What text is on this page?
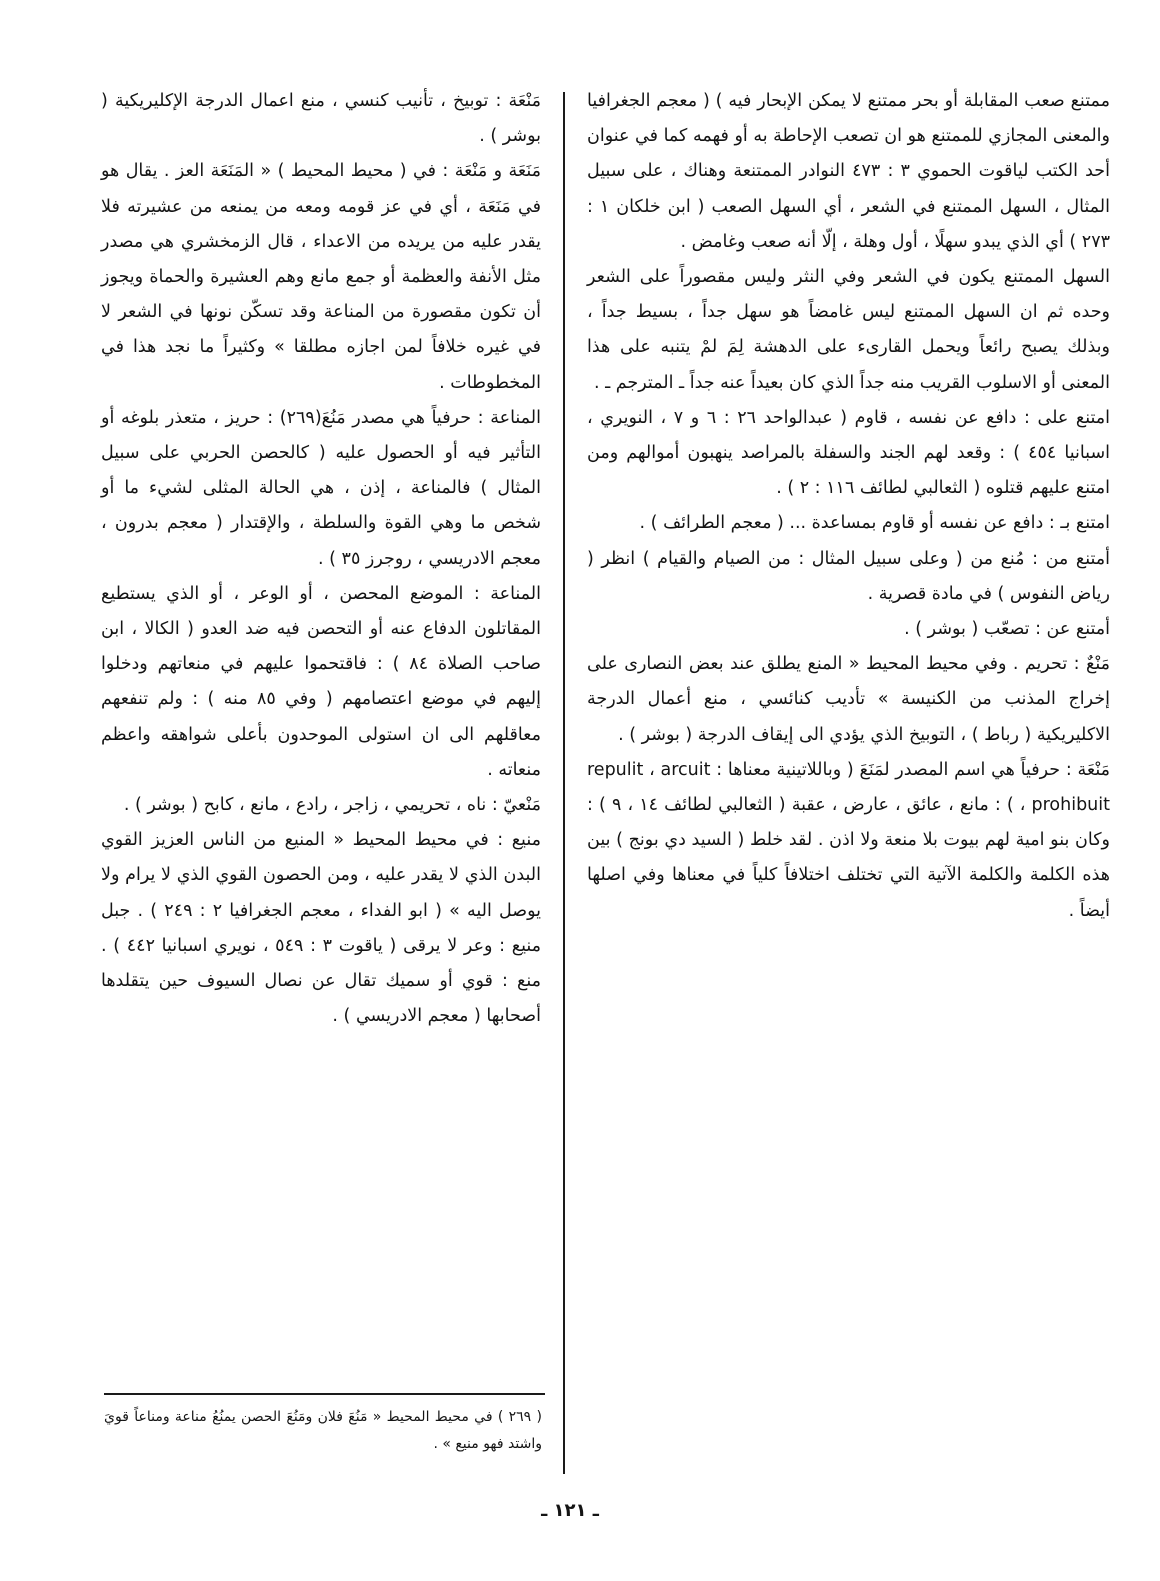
ممتنع صعب المقابلة أو بحر ممتنع لا يمكن الإبحار فيه ) ( معجم الجغرافيا والمعنى المجازي للممتنع هو ان تصعب الإحاطة به أو فهمه كما في عنوان أحد الكتب لياقوت الحموي ٣ : ٤٧٣ النوادر الممتنعة وهناك ، على سبيل المثال ، السهل الممتنع في الشعر ، أي السهل الصعب ( ابن خلكان ١ : ٢٧٣ ) أي الذي يبدو سهلًا ، أول وهلة ، إلّا أنه صعب وغامض .

السهل الممتنع يكون في الشعر وفي النثر وليس مقصوراً على الشعر وحده ثم ان السهل الممتنع ليس غامضاً هو سهل جداً ، بسيط جداً ، وبذلك يصبح رائعاً ويحمل القارىء على الدهشة لِمَ لمْ يتنبه على هذا المعنى أو الاسلوب القريب منه جداً الذي كان بعيداً عنه جداً ـ المترجم ـ .

امتنع على : دافع عن نفسه ، قاوم ( عبدالواحد ٢٦ : ٦ و ٧ ، النويري ، اسبانيا ٤٥٤ ) : وقعد لهم الجند والسفلة بالمراصد ينهبون أموالهم ومن امتنع عليهم قتلوه ( الثعالبي لطائف ١١٦ : ٢ ) .

امتنع بـ : دافع عن نفسه أو قاوم بمساعدة ... ( معجم الطرائف ) .

أمتنع من : مُنع من ( وعلى سبيل المثال : من الصيام والقيام ) انظر ( رياض النفوس ) في مادة قصرية .

أمتنع عن : تصعّب ( بوشر ) .

مَنْعٌ : تحريم . وفي محيط المحيط « المنع يطلق عند بعض النصارى على إخراج المذنب من الكنيسة » تأديب كنائسي ، منع أعمال الدرجة الاكليريكية ( رباط ) ، التوبيخ الذي يؤدي الى إيقاف الدرجة ( بوشر ) .

مَنْعَة : حرفياً هي اسم المصدر لمَنَعَ ( وباللاتينية معناها : repulit ، arcuit ، prohibuit ) : مانع ، عائق ، عارض ، عقبة ( الثعالبي لطائف ١٤ ، ٩ ) : وكان بنو امية لهم بيوت بلا منعة ولا اذن . لقد خلط ( السيد دي بونج ) بين هذه الكلمة والكلمة الآتية التي تختلف اختلافاً كلياً في معناها وفي اصلها أيضاً .

مَنْعَة : توبيخ ، تأنيب كنسي ، منع اعمال الدرجة الإكليريكية ( بوشر ) .

مَنَعَة و مَنْعَة : في ( محيط المحيط ) « المَنَعَة العز . يقال هو في مَنَعَة ، أي في عز قومه ومعه من يمنعه من عشيرته فلا يقدر عليه من يريده من الاعداء ، قال الزمخشري هي مصدر مثل الأنفة والعظمة أو جمع مانع وهم العشيرة والحماة ويجوز أن تكون مقصورة من المناعة وقد تسكّن نونها في الشعر لا في غيره خلافاً لمن اجازه مطلقا » وكثيراً ما نجد هذا في المخطوطات .

المناعة : حرفياً هي مصدر مَنُعَ(٢٦٩) : حريز ، متعذر بلوغه أو التأثير فيه أو الحصول عليه ( كالحصن الحربي على سبيل المثال ) فالمناعة ، إذن ، هي الحالة المثلى لشيء ما أو شخص ما وهي القوة والسلطة ، والإقتدار ( معجم بدرون ، معجم الادريسي ، روجرز ٣٥ ) .

المناعة : الموضع المحصن ، أو الوعر ، أو الذي يستطيع المقاتلون الدفاع عنه أو التحصن فيه ضد العدو ( الكالا ، ابن صاحب الصلاة ٨٤ ) : فاقتحموا عليهم في منعاتهم ودخلوا إليهم في موضع اعتصامهم ( وفي ٨٥ منه ) : ولم تنفعهم معاقلهم الى ان استولى الموحدون بأعلى شواهقه واعظم منعاته .

مَنْعيّ : ناه ، تحريمي ، زاجر ، رادع ، مانع ، كابح ( بوشر ) .

منيع : في محيط المحيط « المنيع من الناس العزيز القوي البدن الذي لا يقدر عليه ، ومن الحصون القوي الذي لا يرام ولا يوصل اليه » ( ابو الفداء ، معجم الجغرافيا ٢ : ٢٤٩ ) . جبل منيع : وعر لا يرقى ( ياقوت ٣ : ٥٤٩ ، نويري اسبانيا ٤٤٢ ) . منع : قوي أو سميك تقال عن نصال السيوف حين يتقلدها أصحابها ( معجم الادريسي ) .

( ٢٦٩ ) في محيط المحيط « مَنُعَ فلان ومَنُعَ الحصن يمنُعُ مناعة ومناعاً قويَ واشتد فهو منيع » .

ـ ١٢١ ـ
